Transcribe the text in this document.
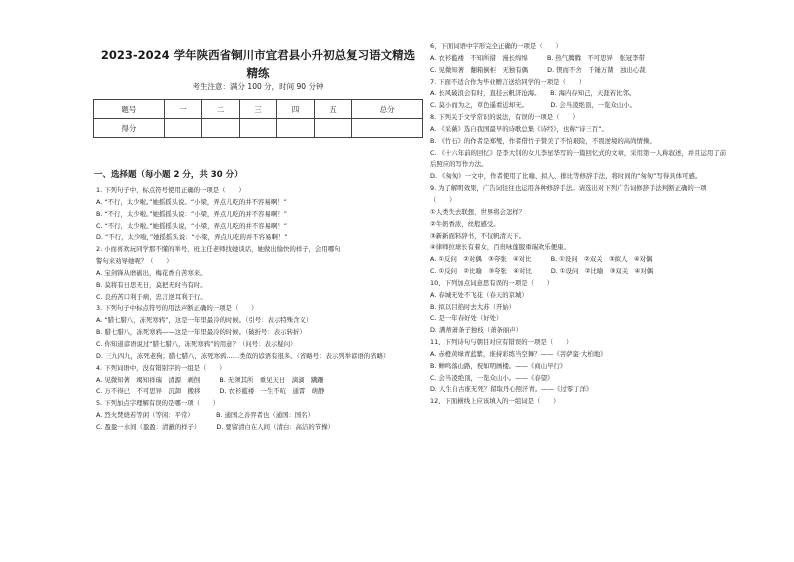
2023-2024 学年陕西省铜川市宜君县小升初总复习语文精选
精练
考生注意：满分 100 分，时间 90 分钟
题号	一	二	三	四	五	总分
得分						
一、选择题（每小题 2 分，共 30 分）
1. 下列句子中，标点符号使用正确的一项是（　　）
A. “不行，太少啦。”她摇摇头说。“小梁，弄点儿吃的并不容易啊！”
B. “不行，太少啦。”她摇摇头说：“小梁，弄点儿吃的并不容易啊！”
C. “不行，太少啦。”她摇摇头说，“小梁，弄点儿吃的并不容易啊！”
D. “不行，太少啦，”她摇摇头说：“小梁，弄点儿吃的并不容易啊！”
2. 小而喜欢玩同学那不懂的举号，班主任老师找她谈话，她做出愉快的样子，会用哪句
警句来劝导她呢？（　　）
A. 宝剑锋从磨砺出，梅花香自苦寒来。
B. 莫将有日思无日，莫把无时当有时。
C. 良药苦口利于病，忠言逆耳利于行。
3. 下列句子中标点符号的用法声断正确的一项是（　　）
A. “腊七腊八，冻死寒鸦”，这是一年里最冷的时候。（引号：表示特殊含义）
B. 腊七腊八，冻死寒鸦——这是一年里最冷的时候。（破折号：表示转折）
C. 你知道谚语说过“腊七腊八，冻死寒鸦”的用意？（问号：表示疑问）
D. 三九四九，冻死老狗；腊七腊八，冻死寒鸦……类似的谚语有很多。（省略号：表示列举谚语的省略）
4. 下列词语中，没有错别字的一组是（　　）
A. 见微知著　竭知祥瑞　清源　剥削　　　B. 无须其所　重见天日　滴滴　蹒跚
C. 万不得已　不可思异　沉卸　搬移　　　D. 衣衫褴褛　一生不吭　通霄　萌静
5. 下列加点字理解有误的是哪一项（　　）
A. 烈火焚烧若等闲（等闲：平常）　　　　B. 通国之善弈者也（通国：国名）
C. 盈盈一水间（盈盈：清澈的样子）　　　D. 要留清白在人间（清白：高洁的节操）
6、下面词语中字形完全正确的一项是（　　）
A. 衣衫褴褛　不知所措　漫长绵绵　　　B. 热气腾腾　不可思异　张冠李带
C. 见微知著　翻箱倒柜　无独有偶　　　D. 锲而不舍　千锤万凿　浊出心裁
7. 下面不适合作为毕业赠言送给同学的一项是（　　）
A. 长风破浪会有时，直挂云帆济沧海。　　B. 海内存知己，天涯若比邻。
C. 莫小而为之，草色遥看近却无。　　　　D. 会当凌绝顶，一览众山小。
8. 下列关于文学常识的说法，有误的一项是（　　）
A. 《采薇》选自我国最早的诗歌总集《诗经》，也称“诗三百”。
B. 《竹石》的作者是郑燮，作者借竹子赞美了不怕艰险，不畏逆境的高尚情操。
C. 《十六年前的回忆》是李大钊的女儿李星华写的一篇回忆式的文章，采用第一人称叙述，并且运用了前
后照应的写作方法。
D. 《匆匆》一文中，作者使用了比喻、拟人、排比等修辞手法，将时间的“匆匆”写得具体可感。
9. 为了解明效果，广告词往往也运用各种修辞手法。请选出对下列广告词修辞手法判断正确的一项
（　　）
①人类失去联想，世界将会怎样？
②牛奶香浓，丝般感受。
③新新面料辞书，不仅帆清天下。
④律师拉球长有着女，百贵咏莲服重瑞欢乐便康。
A. ①反问　②对偶　③夸张　④对比　　　B. ①设问　②双关　③拟人　④对偶
C. ①反问　②比喻　③夸张　④对比　　　D. ①设问　②比喻　③双关　④对偶
10、下列加点词意思有误的一项是（　　）
A. 春城无处不飞花（春天的京城）
B. 拟以目掐时去大苏（开始）
C. 是一年春好处（好处）
D. 满蒂萧条子独枝（萧条丽声）
11、下列诗句与朝目对应有错误的一项是（　　）
A. 赤橙黄绿青蓝紫，谁持彩练当空舞？——《菩萨蛮·大柏地》
B. 蝉鸣落山路，祝如明画楼。——《商山早行》
C. 会当凌绝顶，一览众山小。——《春望》
D. 人生自古谁无死？留取丹心照汗青。——《过零丁洋》
12、下面横线上应该填入的一组词是（　　）
